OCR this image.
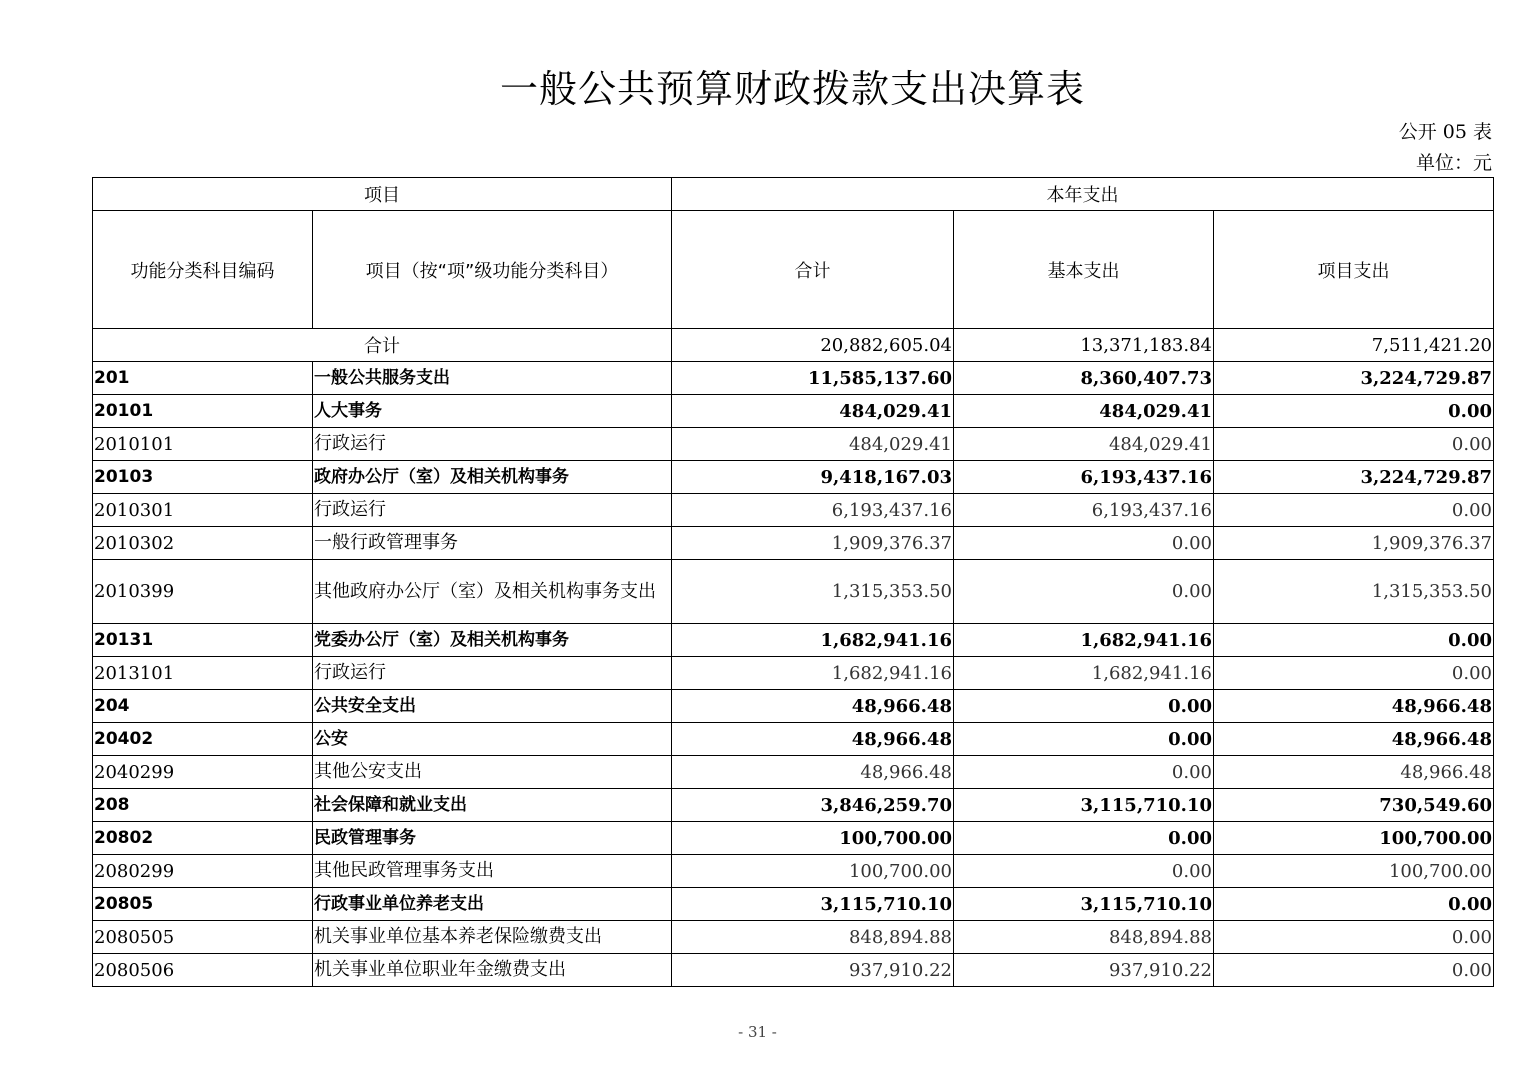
一般公共预算财政拨款支出决算表
公开 05 表
单位：元
项目		本年支出		
功能分类科目编码	项目（按“项”级功能分类科目）	合计	基本支出	项目支出
合计		20,882,605.04	13,371,183.84	7,511,421.20
201	一般公共服务支出	11,585,137.60	8,360,407.73	3,224,729.87
20101	人大事务	484,029.41	484,029.41	0.00
2010101	行政运行	484,029.41	484,029.41	0.00
20103	政府办公厅（室）及相关机构事务	9,418,167.03	6,193,437.16	3,224,729.87
2010301	行政运行	6,193,437.16	6,193,437.16	0.00
2010302	一般行政管理事务	1,909,376.37	0.00	1,909,376.37
2010399	其他政府办公厅（室）及相关机构事务支出	1,315,353.50	0.00	1,315,353.50
20131	党委办公厅（室）及相关机构事务	1,682,941.16	1,682,941.16	0.00
2013101	行政运行	1,682,941.16	1,682,941.16	0.00
204	公共安全支出	48,966.48	0.00	48,966.48
20402	公安	48,966.48	0.00	48,966.48
2040299	其他公安支出	48,966.48	0.00	48,966.48
208	社会保障和就业支出	3,846,259.70	3,115,710.10	730,549.60
20802	民政管理事务	100,700.00	0.00	100,700.00
2080299	其他民政管理事务支出	100,700.00	0.00	100,700.00
20805	行政事业单位养老支出	3,115,710.10	3,115,710.10	0.00
2080505	机关事业单位基本养老保险缴费支出	848,894.88	848,894.88	0.00
2080506	机关事业单位职业年金缴费支出	937,910.22	937,910.22	0.00
- 31 -
